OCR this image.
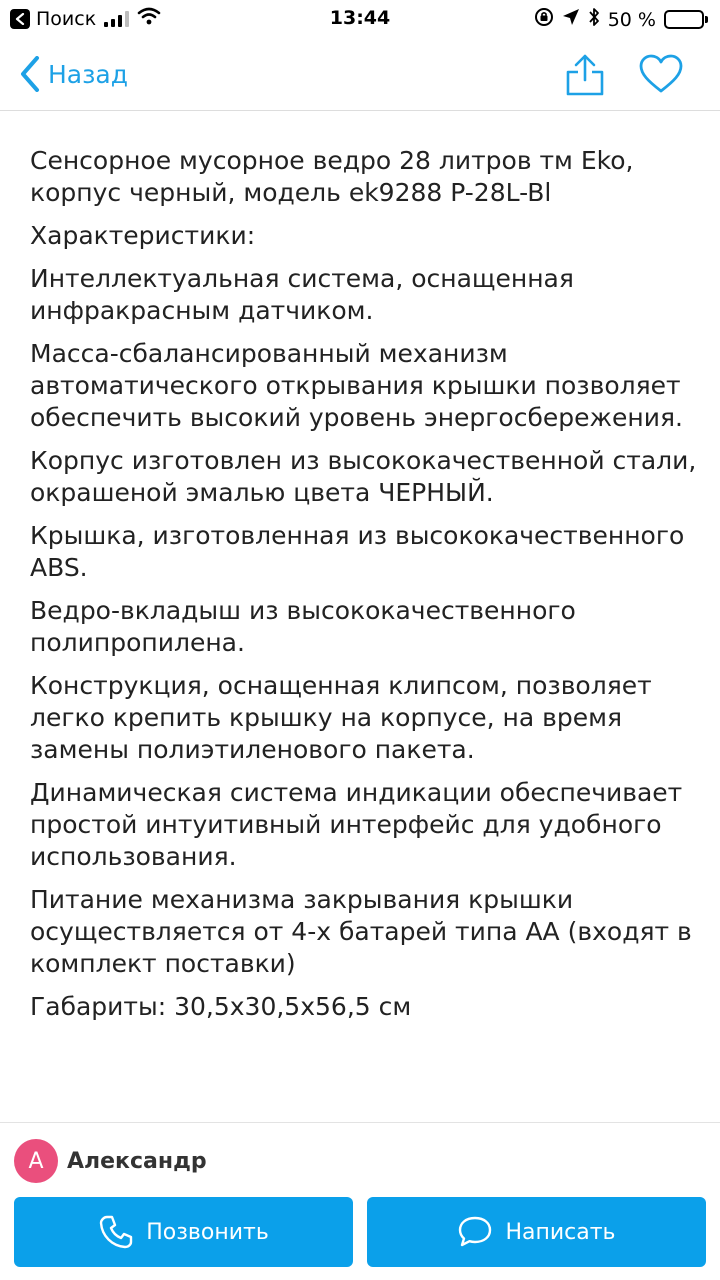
Поиск	13:44	50 %
Назад

Сенсорное мусорное ведро 28 литров тм Eko, корпус черный, модель ek9288 P-28L-Bl

Характеристики:

Интеллектуальная система, оснащенная инфракрасным датчиком.

Масса-сбалансированный механизм автоматического открывания крышки позволяет обеспечить высокий уровень энергосбережения.

Корпус изготовлен из высококачественной стали, окрашеной эмалью цвета ЧЕРНЫЙ.

Крышка, изготовленная из высококачественного ABS.

Ведро-вкладыш из высококачественного полипропилена.

Конструкция, оснащенная клипсом, позволяет легко крепить крышку на корпусе, на время замены полиэтиленового пакета.

Динамическая система индикации обеспечивает простой интуитивный интерфейс для удобного использования.

Питание механизма закрывания крышки осуществляется от 4-х батарей типа АА (входят в комплект поставки)

Габариты: 30,5x30,5x56,5 см

А	Александр
Позвонить	Написать
